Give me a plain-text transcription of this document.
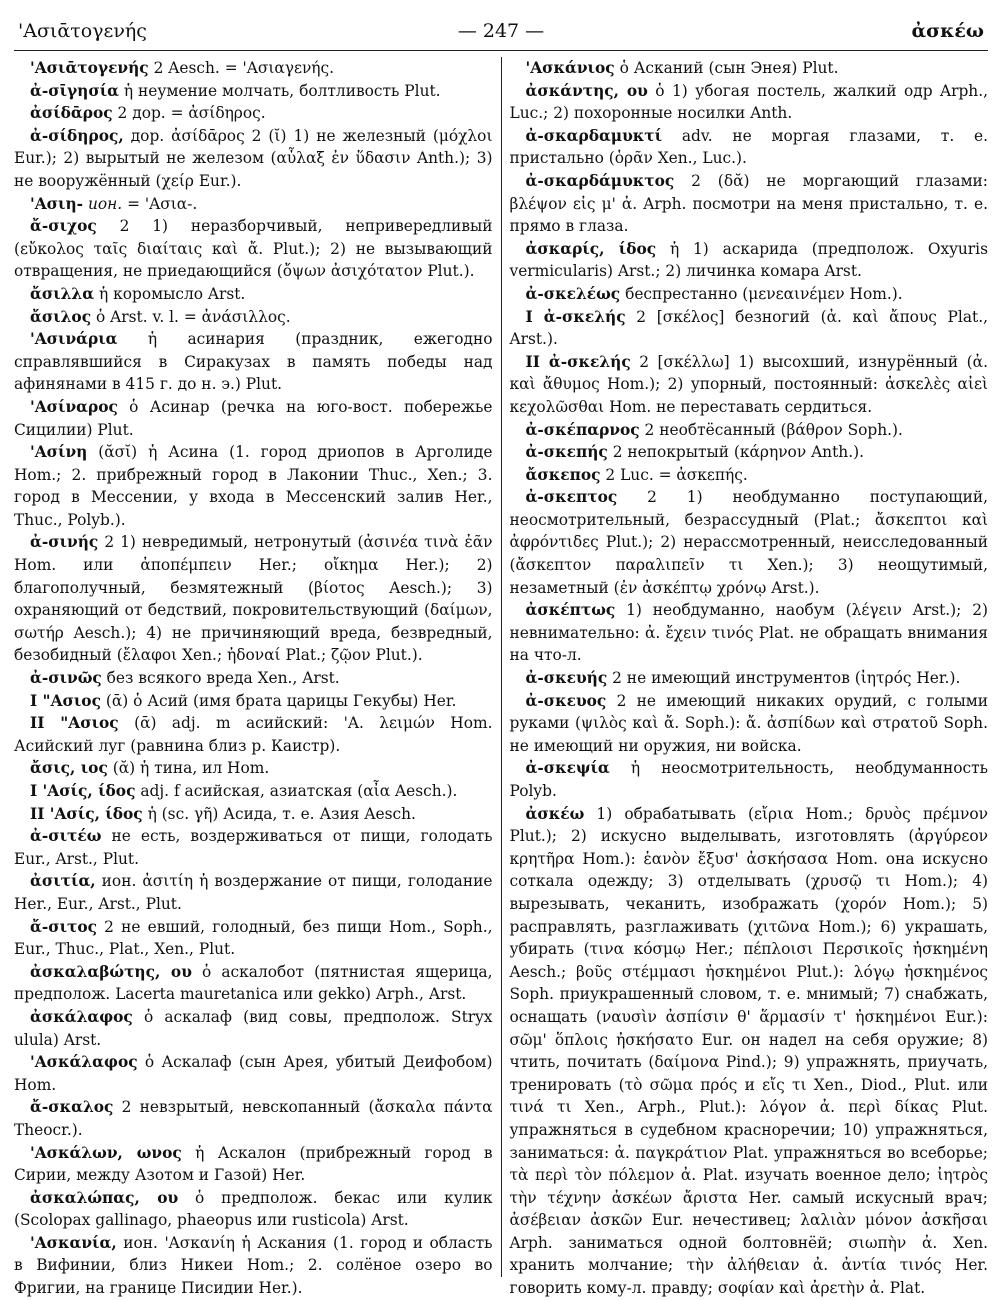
'Ασιᾱτογενής	— 247 —	ἀσκέω

'Ασιᾱτογενής 2 Aesch. = 'Ασιαγενής.

ἀ-σῑγησία ἡ неумение молчать, болтливость Plut.

ἀσίδᾱρος 2 дор. = ἀσίδηρος.

ἀ-σίδηρος, дор. ἀσίδᾱρος 2 (ῐ) 1) не железный (μόχλοι Eur.); 2) вырытый не железом (αὖλαξ ἐν ὕδασιν Anth.); 3) не вооружённый (χείρ Eur.).

'Ασιη- ион. = 'Ασια-.

ἄ-σιχος 2 1) неразборчивый, непривередливый (εὔκολος ταῖς διαίταις καὶ ἄ. Plut.); 2) не вызывающий отвращения, не приедающийся (ὄψων ἀσιχότατον Plut.).

ἄσιλλα ἡ коромысло Arst.

ἄσιλος ὁ Arst. v. l. = ἀνάσιλλος.

'Ασινάρια ἡ асинария (праздник, ежегодно справлявшийся в Сиракузах в память победы над афинянами в 415 г. до н. э.) Plut.

'Ασίναρος ὁ Асинар (речка на юго-вост. побережье Сицилии) Plut.

'Ασίνη (ᾰσῐ) ἡ Асина (1. город дриопов в Арголиде Hom.; 2. прибрежный город в Лаконии Thuc., Xen.; 3. город в Мессении, у входа в Мессенский залив Her., Thuc., Polyb.).

ἀ-σινής 2 1) невредимый, нетронутый (ἀσινέα τινὰ ἐᾶν Hom. или ἀποπέμπειν Her.; οἴκημα Her.); 2) благополучный, безмятежный (βίοτος Aesch.); 3) охраняющий от бедствий, покровительствующий (δαίμων, σωτήρ Aesch.); 4) не причиняющий вреда, безвредный, безобидный (ἔλαφοι Xen.; ἡδοναί Plat.; ζῷον Plut.).

ἀ-σινῶς без всякого вреда Xen., Arst.

I "Ασιος (ᾱ) ὁ Асий (имя брата царицы Гекубы) Her.

II "Ασιος (ᾱ) adj. m асийский: 'Α. λειμών Hom. Асийский луг (равнина близ р. Каистр).

ἄσις, ιος (ᾰ) ἡ тина, ил Hom.

I 'Ασίς, ίδος adj. f асийская, азиатская (αἶα Aesch.).

II 'Ασίς, ίδος ἡ (sc. γῆ) Асида, т. е. Азия Aesch.

ἀ-σιτέω не есть, воздерживаться от пищи, голодать Eur., Arst., Plut.

ἀσιτία, ион. ἀσιτίη ἡ воздержание от пищи, голодание Her., Eur., Arst., Plut.

ἄ-σιτος 2 не евший, голодный, без пищи Hom., Soph., Eur., Thuc., Plat., Xen., Plut.

ἀσκαλαβώτης, ου ὁ аскалобот (пятнистая ящерица, предполож. Lacerta mauretanica или gekko) Arph., Arst.

ἀσκάλαφος ὁ аскалаф (вид совы, предполож. Stryx ulula) Arst.

'Ασκάλαφος ὁ Аскалаф (сын Арея, убитый Деифобом) Hom.

ἄ-σκαλος 2 невзрытый, невскопанный (ἄσκαλα πάντα Theocr.).

'Ασκάλων, ωνος ἡ Аскалон (прибрежный город в Сирии, между Азотом и Газой) Her.

ἀσκαλώπας, ου ὁ предполож. бекас или кулик (Scolopax gallinago, phaeopus или rusticola) Arst.

'Ασκανία, ион. 'Ασκανίη ἡ Аскания (1. город и область в Вифинии, близ Никеи Hom.; 2. солёное озеро во Фригии, на границе Писидии Her.).

'Ασκάνιος ὁ Асканий (сын Энея) Plut.

ἀσκάντης, ου ὁ 1) убогая постель, жалкий одр Arph., Luc.; 2) похоронные носилки Anth.

ἀ-σκαρδαμυκτί adv. не моргая глазами, т. е. пристально (ὁρᾶν Xen., Luc.).

ἀ-σκαρδάμυκτος 2 (δᾰ) не моргающий глазами: βλέψον εἰς μ' ἀ. Arph. посмотри на меня пристально, т. е. прямо в глаза.

ἀσκαρίς, ίδος ἡ 1) аскарида (предполож. Oxyuris vermicularis) Arst.; 2) личинка комара Arst.

ἀ-σκελέως беспрестанно (μενεαινέμεν Hom.).

I ἀ-σκελής 2 [σκέλος] безногий (ἀ. καὶ ἄπους Plat., Arst.).

II ἀ-σκελής 2 [σκέλλω] 1) высохший, изнурённый (ἀ. καὶ ἄθυμος Hom.); 2) упорный, постоянный: ἀσκελὲς αἰεὶ κεχολῶσθαι Hom. не переставать сердиться.

ἀ-σκέπαρνος 2 необтёсанный (βάθρον Soph.).

ἀ-σκεπής 2 непокрытый (κάρηνον Anth.).

ἄσκεπος 2 Luc. = ἀσκεπής.

ἀ-σκεπτος 2 1) необдуманно поступающий, неосмотрительный, безрассудный (Plat.; ἄσκεπτοι καὶ ἀφρόντιδες Plut.); 2) нерассмотренный, неисследованный (ἄσκεπτον παραλιπεῖν τι Xen.); 3) неощутимый, незаметный (ἐν ἀσκέπτῳ χρόνῳ Arst.).

ἀσκέπτως 1) необдуманно, наобум (λέγειν Arst.); 2) невнимательно: ἀ. ἔχειν τινός Plat. не обращать внимания на что-л.

ἀ-σκευής 2 не имеющий инструментов (ἰητρός Her.).

ἀ-σκευος 2 не имеющий никаких орудий, с голыми руками (ψιλὸς καὶ ἄ. Soph.): ἄ. ἀσπίδων καὶ στρατοῦ Soph. не имеющий ни оружия, ни войска.

ἀ-σκεψία ἡ неосмотрительность, необдуманность Polyb.

ἀσκέω 1) обрабатывать (εἴρια Hom.; δρυὸς πρέμνον Plut.); 2) искусно выделывать, изготовлять (ἀργύρεον κρητῆρα Hom.): ἑανὸν ἔξυσ' ἀσκήσασα Hom. она искусно соткала одежду; 3) отделывать (χρυσῷ τι Hom.); 4) вырезывать, чеканить, изображать (χορόν Hom.); 5) расправлять, разглаживать (χιτῶνα Hom.); 6) украшать, убирать (τινα κόσμῳ Her.; πέπλοισι Περσικοῖς ἠσκημένη Aesch.; βοῦς στέμμασι ἠσκημένοι Plut.): λόγῳ ἠσκημένος Soph. приукрашенный словом, т. е. мнимый; 7) снабжать, оснащать (ναυσὶν ἀσπίσιν θ' ἅρμασίν τ' ἠσκημένοι Eur.): σῶμ' ὅπλοις ἠσκήσατο Eur. он надел на себя оружие; 8) чтить, почитать (δαίμονα Pind.); 9) упражнять, приучать, тренировать (τὸ σῶμα πρός и εἴς τι Xen., Diod., Plut. или τινά τι Xen., Arph., Plut.): λόγον ἀ. περὶ δίκας Plut. упражняться в судебном красноречии; 10) упражняться, заниматься: ἀ. παγκράτιον Plat. упражняться во всеборье; τὰ περὶ τὸν πόλεμον ἀ. Plat. изучать военное дело; ἰητρὸς τὴν τέχνην ἀσκέων ἄριστα Her. самый искусный врач; ἀσέβειαν ἀσκῶν Eur. нечестивец; λαλιὰν μόνον ἀσκῆσαι Arph. заниматься одной болтовнёй; σιωπὴν ἀ. Xen. хранить молчание; τὴν ἀλήθειαν ἀ. ἀντία τινός Her. говорить кому-л. правду; σοφίαν καὶ ἀρετὴν ἀ. Plat.
